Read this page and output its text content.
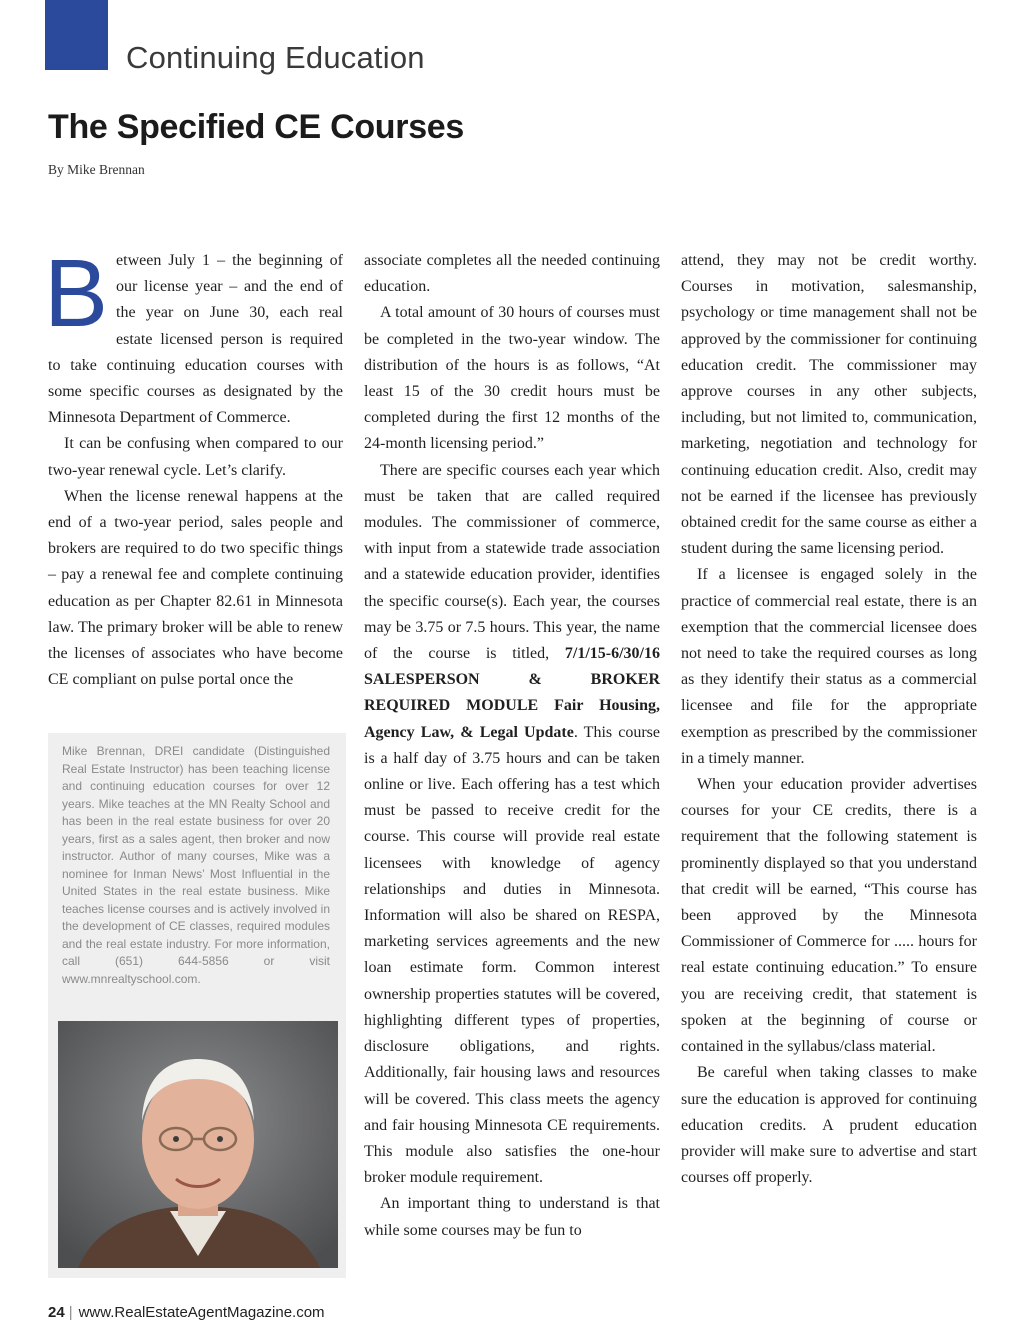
Continuing Education
The Specified CE Courses

By Mike Brennan

Between July 1 – the beginning of our license year – and the end of the year on June 30, each real estate licensed person is required to take continuing education courses with some specific courses as designated by the Minnesota Department of Commerce.

It can be confusing when compared to our two-year renewal cycle. Let’s clarify.

When the license renewal happens at the end of a two-year period, sales people and brokers are required to do two specific things – pay a renewal fee and complete continuing education as per Chapter 82.61 in Minnesota law. The primary broker will be able to renew the licenses of associates who have become CE compliant on pulse portal once the

Mike Brennan, DREI candidate (Distinguished Real Estate Instructor) has been teaching license and continuing education courses for over 12 years. Mike teaches at the MN Realty School and has been in the real estate business for over 20 years, first as a sales agent, then broker and now instructor. Author of many courses, Mike was a nominee for Inman News’ Most Influential in the United States in the real estate business. Mike teaches license courses and is actively involved in the development of CE classes, required modules and the real estate industry. For more information, call (651) 644-5856 or visit www.mnrealtyschool.com.

associate completes all the needed continuing education.

A total amount of 30 hours of courses must be completed in the two-year window. The distribution of the hours is as follows, “At least 15 of the 30 credit hours must be completed during the first 12 months of the 24-month licensing period.”

There are specific courses each year which must be taken that are called required modules. The commissioner of commerce, with input from a statewide trade association and a statewide education provider, identifies the specific course(s). Each year, the courses may be 3.75 or 7.5 hours. This year, the name of the course is titled, 7/1/15-6/30/16 SALESPERSON & BROKER REQUIRED MODULE Fair Housing, Agency Law, & Legal Update. This course is a half day of 3.75 hours and can be taken online or live. Each offering has a test which must be passed to receive credit for the course. This course will provide real estate licensees with knowledge of agency relationships and duties in Minnesota. Information will also be shared on RESPA, marketing services agreements and the new loan estimate form. Common interest ownership properties statutes will be covered, highlighting different types of properties, disclosure obligations, and rights. Additionally, fair housing laws and resources will be covered. This class meets the agency and fair housing Minnesota CE requirements. This module also satisfies the one-hour broker module requirement.

An important thing to understand is that while some courses may be fun to

attend, they may not be credit worthy. Courses in motivation, salesmanship, psychology or time management shall not be approved by the commissioner for continuing education credit. The commissioner may approve courses in any other subjects, including, but not limited to, communication, marketing, negotiation and technology for continuing education credit. Also, credit may not be earned if the licensee has previously obtained credit for the same course as either a student during the same licensing period.

If a licensee is engaged solely in the practice of commercial real estate, there is an exemption that the commercial licensee does not need to take the required courses as long as they identify their status as a commercial licensee and file for the appropriate exemption as prescribed by the commissioner in a timely manner.

When your education provider advertises courses for your CE credits, there is a requirement that the following statement is prominently displayed so that you understand that credit will be earned, “This course has been approved by the Minnesota Commissioner of Commerce for ..... hours for real estate continuing education.” To ensure you are receiving credit, that statement is spoken at the beginning of course or contained in the syllabus/class material.

Be careful when taking classes to make sure the education is approved for continuing education credits. A prudent education provider will make sure to advertise and start courses off properly.

24 | www.RealEstateAgentMagazine.com
